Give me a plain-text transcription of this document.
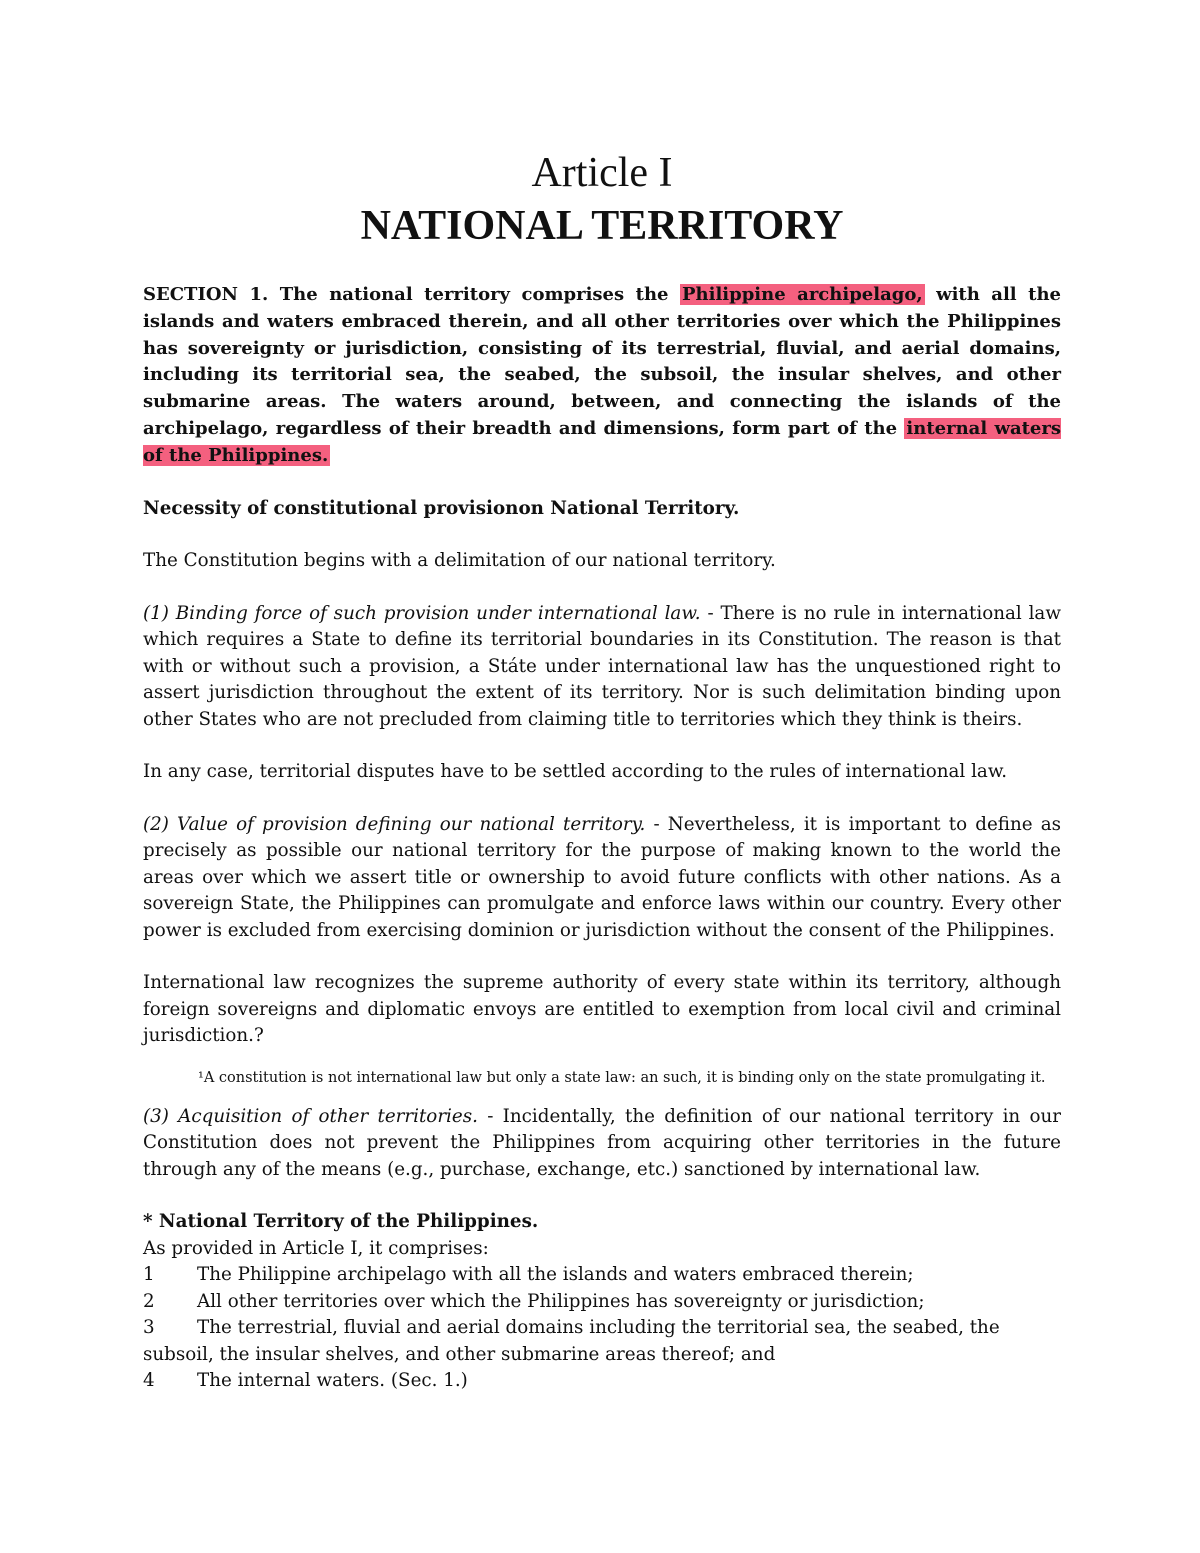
Article I
NATIONAL TERRITORY

SECTION 1. The national territory comprises the Philippine archipelago, with all the islands and waters embraced therein, and all other territories over which the Philippines has sovereignty or jurisdiction, consisting of its terrestrial, fluvial, and aerial domains, including its territorial sea, the seabed, the subsoil, the insular shelves, and other submarine areas. The waters around, between, and connecting the islands of the archipelago, regardless of their breadth and dimensions, form part of the internal waters of the Philippines.

Necessity of constitutional provisionon National Territory.

The Constitution begins with a delimitation of our national territory.

(1) Binding force of such provision under international law. - There is no rule in international law which requires a State to define its territorial boundaries in its Constitution. The reason is that with or without such a provision, a Státe under international law has the unquestioned right to assert jurisdiction throughout the extent of its territory. Nor is such delimitation binding upon other States who are not precluded from claiming title to territories which they think is theirs.

In any case, territorial disputes have to be settled according to the rules of international law.

(2) Value of provision defining our national territory. - Nevertheless, it is important to define as precisely as possible our national territory for the purpose of making known to the world the areas over which we assert title or ownership to avoid future conflicts with other nations. As a sovereign State, the Philippines can promulgate and enforce laws within our country. Every other power is excluded from exercising dominion or jurisdiction without the consent of the Philippines.

International law recognizes the supreme authority of every state within its territory, although foreign sovereigns and diplomatic envoys are entitled to exemption from local civil and criminal jurisdiction.?

¹A constitution is not international law but only a state law: an such, it is binding only on the state promulgating it.

(3) Acquisition of other territories. - Incidentally, the definition of our national territory in our Constitution does not prevent the Philippines from acquiring other territories in the future through any of the means (e.g., purchase, exchange, etc.) sanctioned by international law.

* National Territory of the Philippines.

As provided in Article I, it comprises:

1	The Philippine archipelago with all the islands and waters embraced therein;
2	All other territories over which the Philippines has sovereignty or jurisdiction;
3 The terrestrial, fluvial and aerial domains including the territorial sea, the seabed, the subsoil, the insular shelves, and other submarine areas thereof; and
4	The internal waters. (Sec. 1.)
